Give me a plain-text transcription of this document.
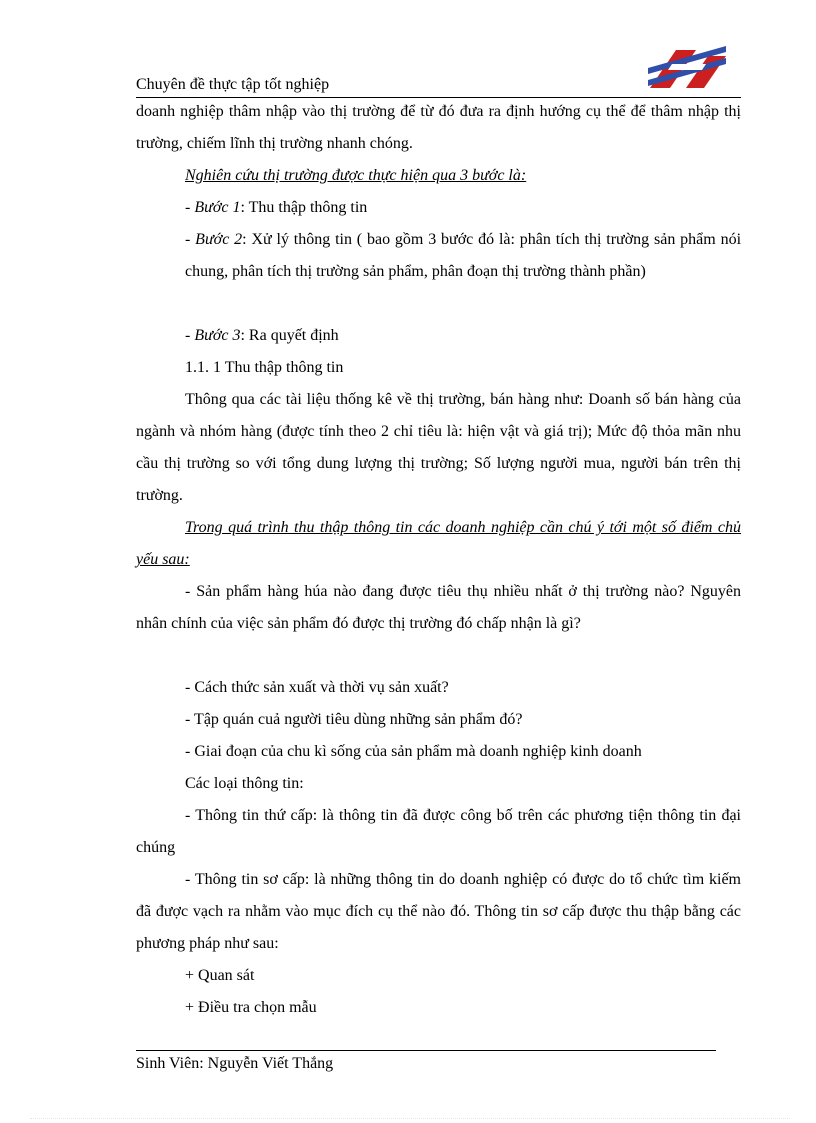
Chuyên đề thực tập tốt nghiệp

doanh nghiệp thâm nhập vào thị trường để từ đó đưa ra định hướng cụ thể để thâm nhập thị trường, chiếm lĩnh thị trường nhanh chóng.

Nghiên cứu thị trường được thực hiện qua 3 bước là:

- Bước 1: Thu thập thông tin

- Bước 2: Xử lý thông tin ( bao gồm 3 bước đó là: phân tích thị trường sản phẩm nói chung, phân tích thị trường sản phẩm, phân đoạn thị trường thành phần)

- Bước 3: Ra quyết định

1.1. 1 Thu thập thông tin

Thông qua các tài liệu thống kê về thị trường, bán hàng như: Doanh số bán hàng của ngành và nhóm hàng (được tính theo 2 chỉ tiêu là: hiện vật và giá trị); Mức độ thỏa mãn nhu cầu thị trường so với tổng dung lượng thị trường; Số lượng người mua, người bán trên thị trường.

Trong quá trình thu thập thông tin các doanh nghiệp cần chú ý tới một số điểm chủ yếu sau:

- Sản phẩm hàng húa nào đang được tiêu thụ nhiều nhất ở thị trường nào? Nguyên nhân chính của việc sản phẩm đó được thị trường đó chấp nhận là gì?

- Cách thức sản xuất và thời vụ sản xuất?

- Tập quán cuả người tiêu dùng những sản phẩm đó?

- Giai đoạn của chu kì sống của sản phẩm mà doanh nghiệp kinh doanh

Các loại thông tin:

- Thông tin thứ cấp: là thông tin đã được công bố trên các phương tiện thông tin đại chúng

- Thông tin sơ cấp: là những thông tin do doanh nghiệp có được do tổ chức tìm kiếm đã được vạch ra nhằm vào mục đích cụ thể nào đó. Thông tin sơ cấp được thu thập bằng các phương pháp như sau:

+ Quan sát

+ Điều tra chọn mẫu

Sinh Viên: Nguyễn Viết Thắng
